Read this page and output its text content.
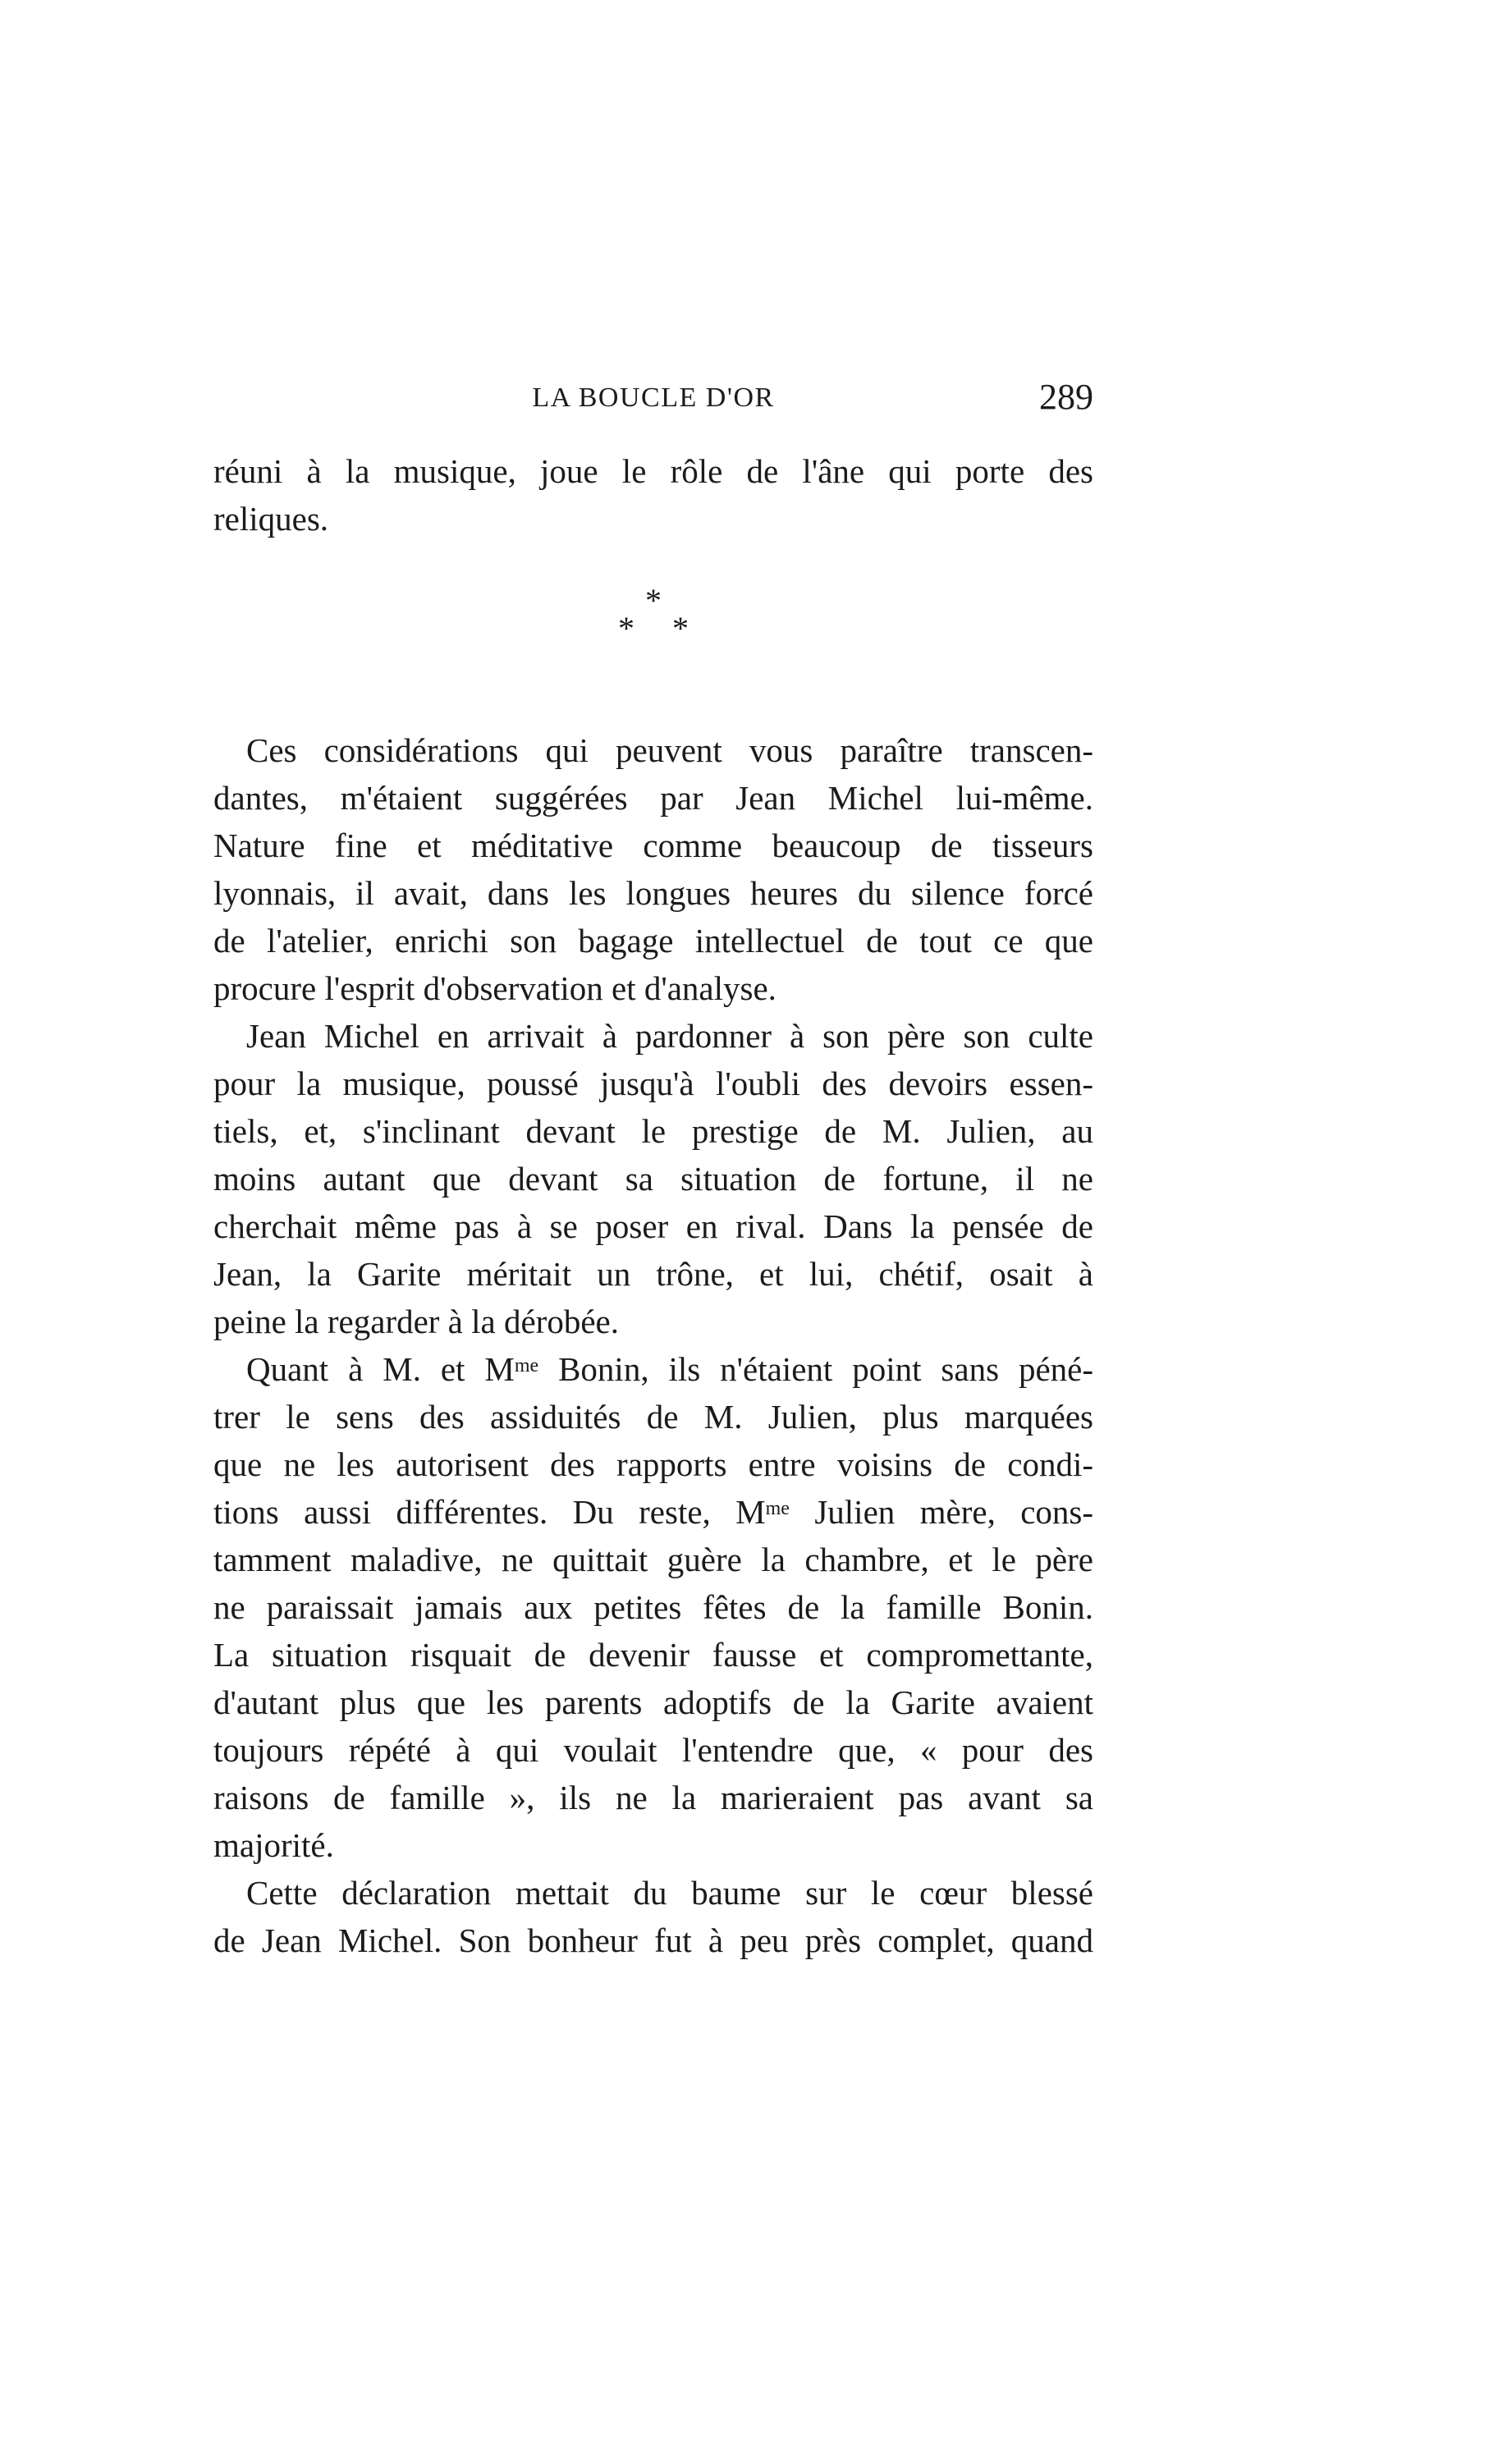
LA BOUCLE D'OR	289
réuni à la musique, joue le rôle de l'âne qui porte des
reliques.
*
* *
Ces considérations qui peuvent vous paraître transcen-
dantes, m'étaient suggérées par Jean Michel lui-même.
Nature fine et méditative comme beaucoup de tisseurs
lyonnais, il avait, dans les longues heures du silence forcé
de l'atelier, enrichi son bagage intellectuel de tout ce que
procure l'esprit d'observation et d'analyse.
Jean Michel en arrivait à pardonner à son père son culte
pour la musique, poussé jusqu'à l'oubli des devoirs essen-
tiels, et, s'inclinant devant le prestige de M. Julien, au
moins autant que devant sa situation de fortune, il ne
cherchait même pas à se poser en rival. Dans la pensée de
Jean, la Garite méritait un trône, et lui, chétif, osait à
peine la regarder à la dérobée.
Quant à M. et $M^{me}$ Bonin, ils n'étaient point sans péné-
trer le sens des assiduités de M. Julien, plus marquées
que ne les autorisent des rapports entre voisins de condi-
tions aussi différentes. Du reste, $M^{me}$ Julien mère, cons-
tamment maladive, ne quittait guère la chambre, et le père
ne paraissait jamais aux petites fêtes de la famille Bonin.
La situation risquait de devenir fausse et compromettante,
d'autant plus que les parents adoptifs de la Garite avaient
toujours répété à qui voulait l'entendre que, « pour des
raisons de famille », ils ne la marieraient pas avant sa
majorité.
Cette déclaration mettait du baume sur le cœur blessé
de Jean Michel. Son bonheur fut à peu près complet, quand
